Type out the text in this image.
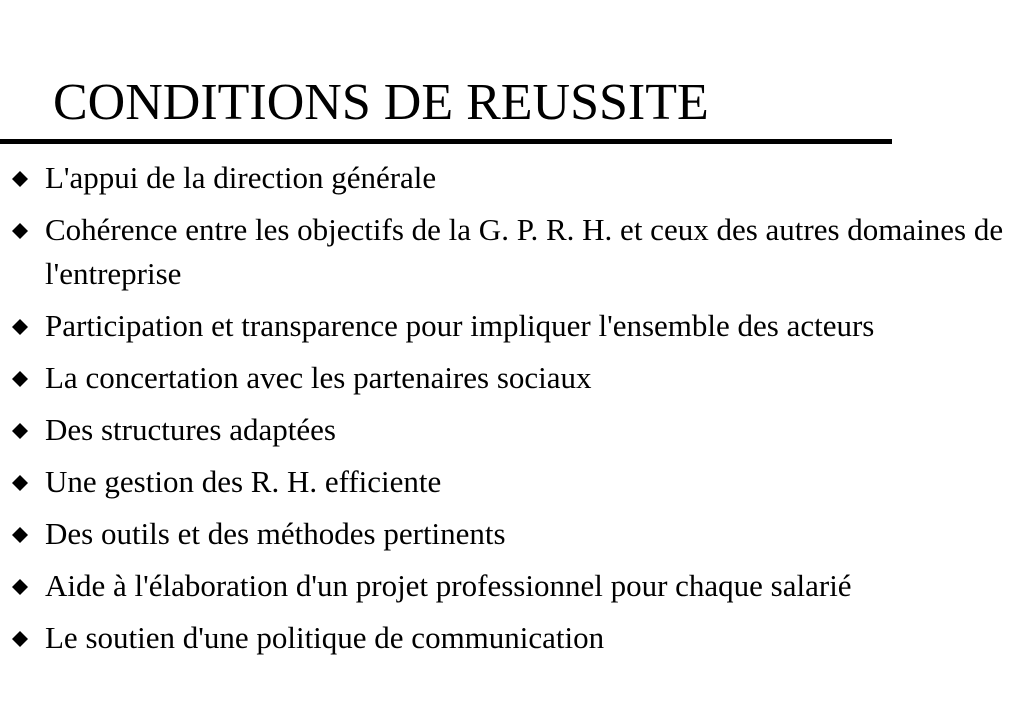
CONDITIONS DE REUSSITE
L'appui de la direction générale
Cohérence entre les objectifs de la G. P. R. H. et ceux des autres domaines de l'entreprise
Participation et transparence pour impliquer l'ensemble des acteurs
La concertation avec les partenaires sociaux
Des structures adaptées
Une gestion des R. H. efficiente
Des outils et des méthodes pertinents
Aide à l'élaboration d'un projet professionnel pour chaque salarié
Le soutien d'une politique de communication
